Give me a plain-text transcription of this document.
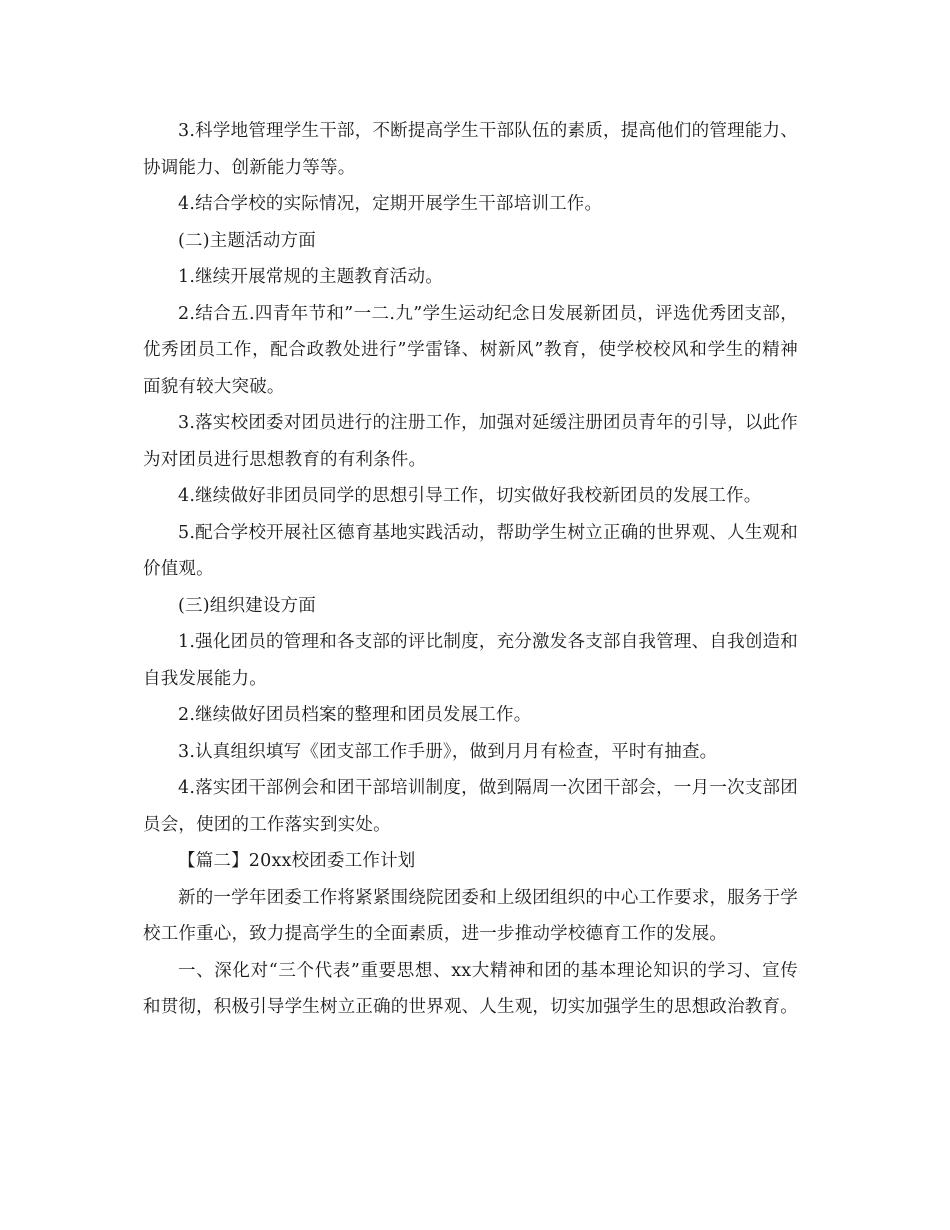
3.科学地管理学生干部，不断提高学生干部队伍的素质，提高他们的管理能力、协调能力、创新能力等等。

4.结合学校的实际情况，定期开展学生干部培训工作。

(二)主题活动方面

1.继续开展常规的主题教育活动。

2.结合五.四青年节和”一二.九”学生运动纪念日发展新团员，评选优秀团支部，优秀团员工作，配合政教处进行”学雷锋、树新风”教育，使学校校风和学生的精神面貌有较大突破。

3.落实校团委对团员进行的注册工作，加强对延缓注册团员青年的引导，以此作为对团员进行思想教育的有利条件。

4.继续做好非团员同学的思想引导工作，切实做好我校新团员的发展工作。

5.配合学校开展社区德育基地实践活动，帮助学生树立正确的世界观、人生观和价值观。

(三)组织建设方面

1.强化团员的管理和各支部的评比制度，充分激发各支部自我管理、自我创造和自我发展能力。

2.继续做好团员档案的整理和团员发展工作。

3.认真组织填写《团支部工作手册》，做到月月有检查，平时有抽查。

4.落实团干部例会和团干部培训制度，做到隔周一次团干部会，一月一次支部团员会，使团的工作落实到实处。

【篇二】20xx校团委工作计划

新的一学年团委工作将紧紧围绕院团委和上级团组织的中心工作要求，服务于学校工作重心，致力提高学生的全面素质，进一步推动学校德育工作的发展。

一、深化对“三个代表”重要思想、xx大精神和团的基本理论知识的学习、宣传和贯彻，积极引导学生树立正确的世界观、人生观，切实加强学生的思想政治教育。
